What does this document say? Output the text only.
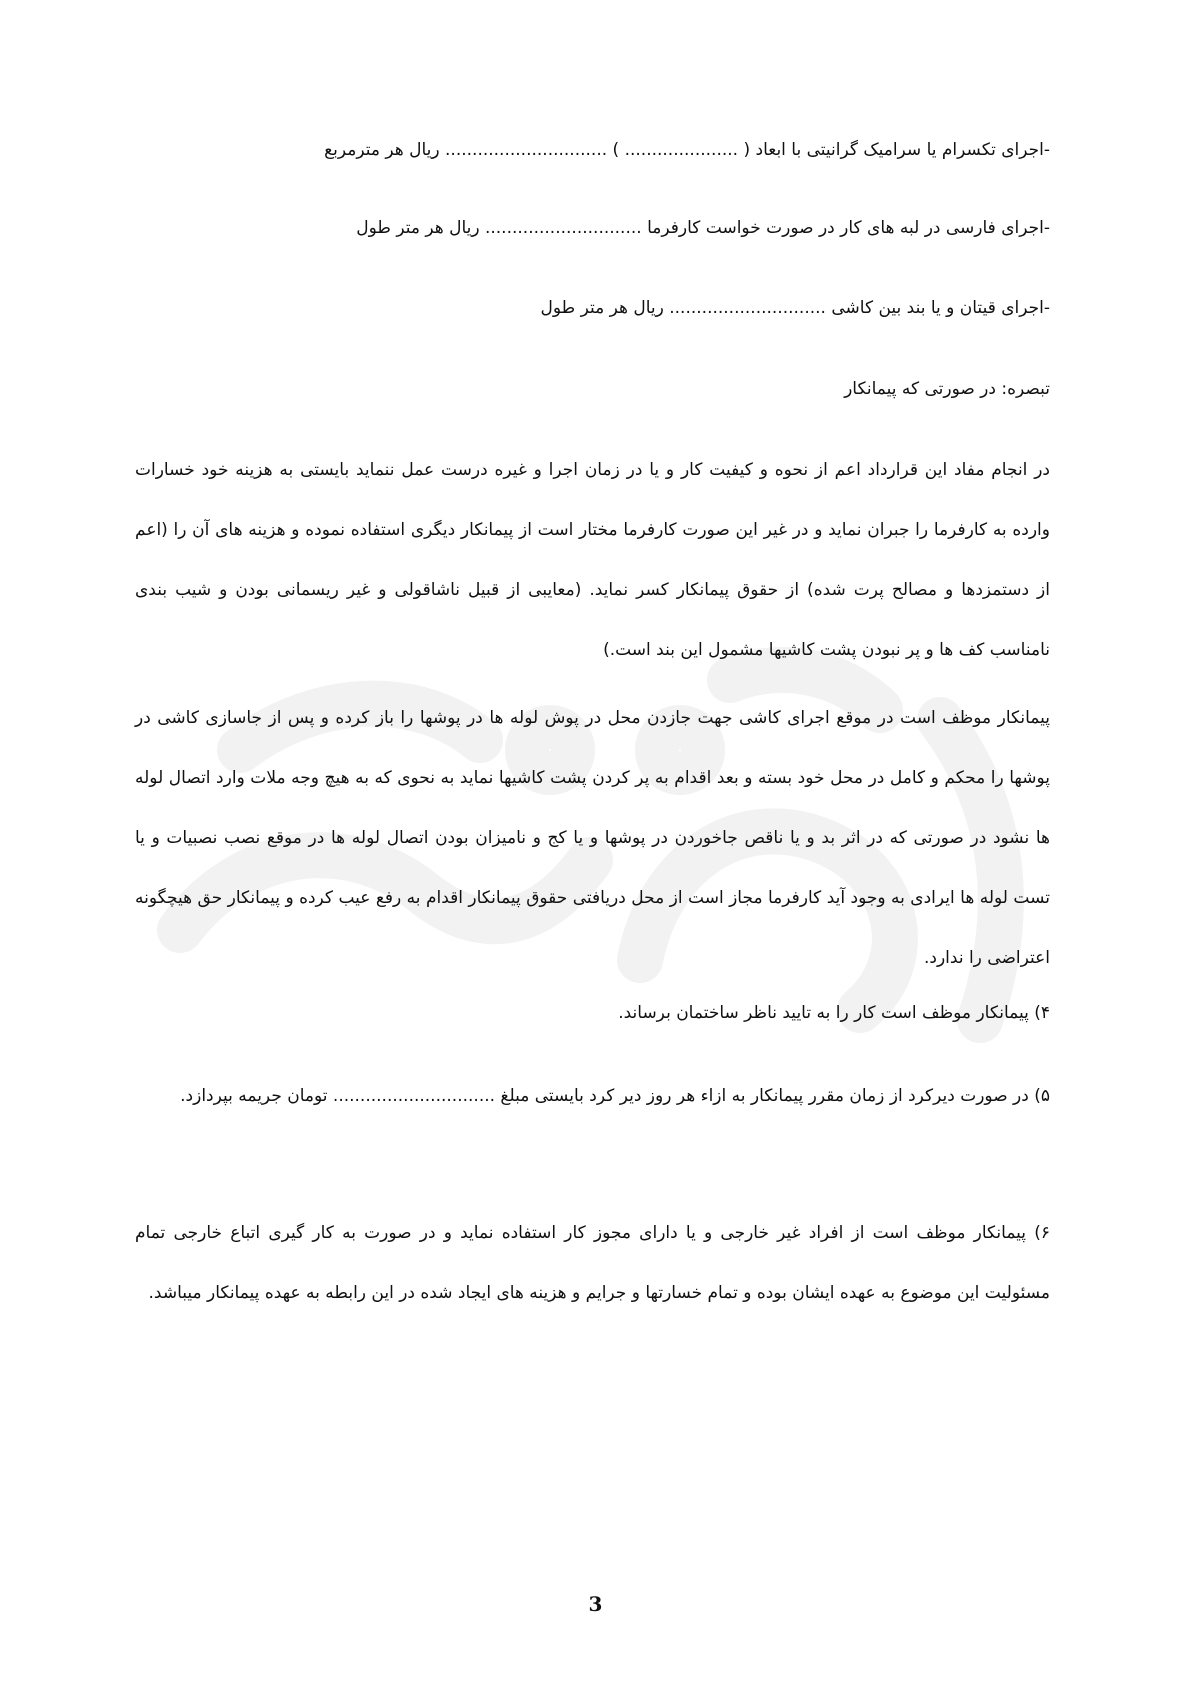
-اجرای تکسرام یا سرامیک گرانیتی با ابعاد ( ..................... ) .............................. ریال هر مترمربع
-اجرای فارسی در لبه های کار در صورت خواست کارفرما ............................. ریال هر متر طول
-اجرای قیتان و یا بند بین کاشی ............................. ریال هر متر طول
تبصره: در صورتی که پیمانکار

در انجام مفاد این قرارداد اعم از نحوه و کیفیت کار و یا در زمان اجرا و غیره درست عمل ننماید بایستی به هزینه خود خسارات وارده به کارفرما را جبران نماید و در غیر این صورت کارفرما مختار است از پیمانکار دیگری استفاده نموده و هزینه های آن را (اعم از دستمزدها و مصالح پرت شده) از حقوق پیمانکار کسر نماید. (معایبی از قبیل ناشاقولی و غیر ریسمانی بودن و شیب بندی نامناسب کف ها و پر نبودن پشت کاشیها مشمول این بند است.)

پیمانکار موظف است در موقع اجرای کاشی جهت جازدن محل در پوش لوله ها در پوشها را باز کرده و پس از جاسازی کاشی در پوشها را محکم و کامل در محل خود بسته و بعد اقدام به پر کردن پشت کاشیها نماید به نحوی که به هیچ وجه ملات وارد اتصال لوله ها نشود در صورتی که در اثر بد و یا ناقص جاخوردن در پوشها و یا کج و نامیزان بودن اتصال لوله ها در موقع نصب نصبیات و یا تست لوله ها ایرادی به وجود آید کارفرما مجاز است از محل دریافتی حقوق پیمانکار اقدام به رفع عیب کرده و پیمانکار حق هیچگونه اعتراضی را ندارد.

۴) پیمانکار موظف است کار را به تایید ناظر ساختمان برساند.

۵) در صورت دیرکرد از زمان مقرر پیمانکار به ازاء هر روز دیر کرد بایستی مبلغ .............................. تومان جریمه بپردازد.

۶) پیمانکار موظف است از افراد غیر خارجی و یا دارای مجوز کار استفاده نماید و در صورت به کار گیری اتباع خارجی تمام مسئولیت این موضوع به عهده ایشان بوده و تمام خسارتها و جرایم و هزینه های ایجاد شده در این رابطه به عهده پیمانکار میباشد.

3
